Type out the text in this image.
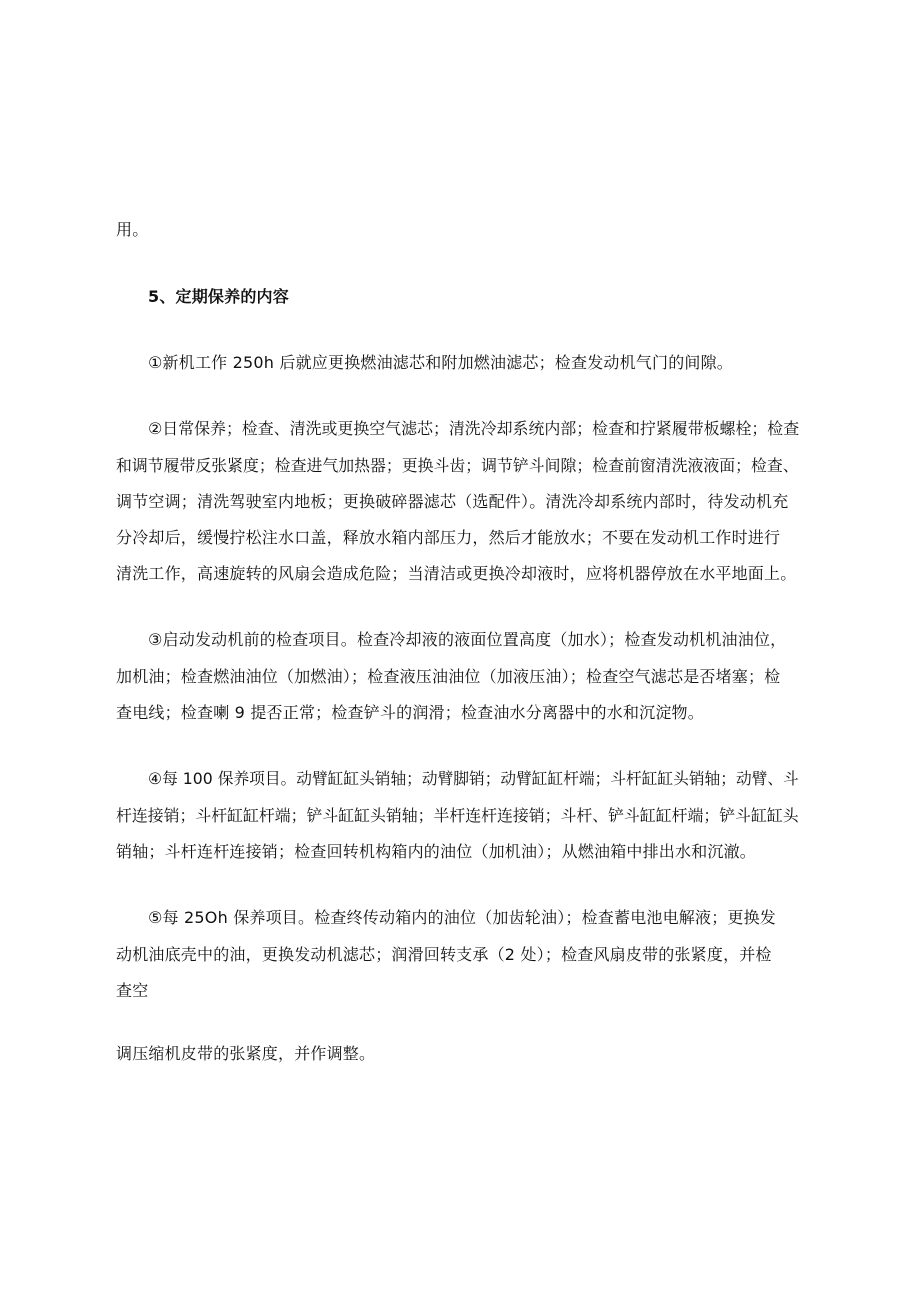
用。
5、定期保养的内容
①新机工作 250h 后就应更换燃油滤芯和附加燃油滤芯；检查发动机气门的间隙。
②日常保养；检查、清洗或更换空气滤芯；清洗冷却系统内部；检查和拧紧履带板螺栓；检查
和调节履带反张紧度；检查进气加热器；更换斗齿；调节铲斗间隙；检查前窗清洗液液面；检查、
调节空调；清洗驾驶室内地板；更换破碎器滤芯（选配件）。清洗冷却系统内部时，待发动机充
分冷却后，缓慢拧松注水口盖，释放水箱内部压力，然后才能放水；不要在发动机工作时进行
清洗工作，高速旋转的风扇会造成危险；当清洁或更换冷却液时，应将机器停放在水平地面上。
③启动发动机前的检查项目。检查冷却液的液面位置高度（加水）；检查发动机机油油位，
加机油；检查燃油油位（加燃油）；检查液压油油位（加液压油）；检查空气滤芯是否堵塞；检
查电线；检查喇 9 提否正常；检查铲斗的润滑；检查油水分离器中的水和沉淀物。
④每 100 保养项目。动臂缸缸头销轴；动臂脚销；动臂缸缸杆端；斗杆缸缸头销轴；动臂、斗
杆连接销；斗杆缸缸杆端；铲斗缸缸头销轴；半杆连杆连接销；斗杆、铲斗缸缸杆端；铲斗缸缸头
销轴；斗杆连杆连接销；检查回转机构箱内的油位（加机油）；从燃油箱中排出水和沉澈。
⑤每 25Oh 保养项目。检查终传动箱内的油位（加齿轮油）；检查蓄电池电解液；更换发
动机油底壳中的油，更换发动机滤芯；润滑回转支承（2 处）；检查风扇皮带的张紧度，并检
查空
调压缩机皮带的张紧度，并作调整。
